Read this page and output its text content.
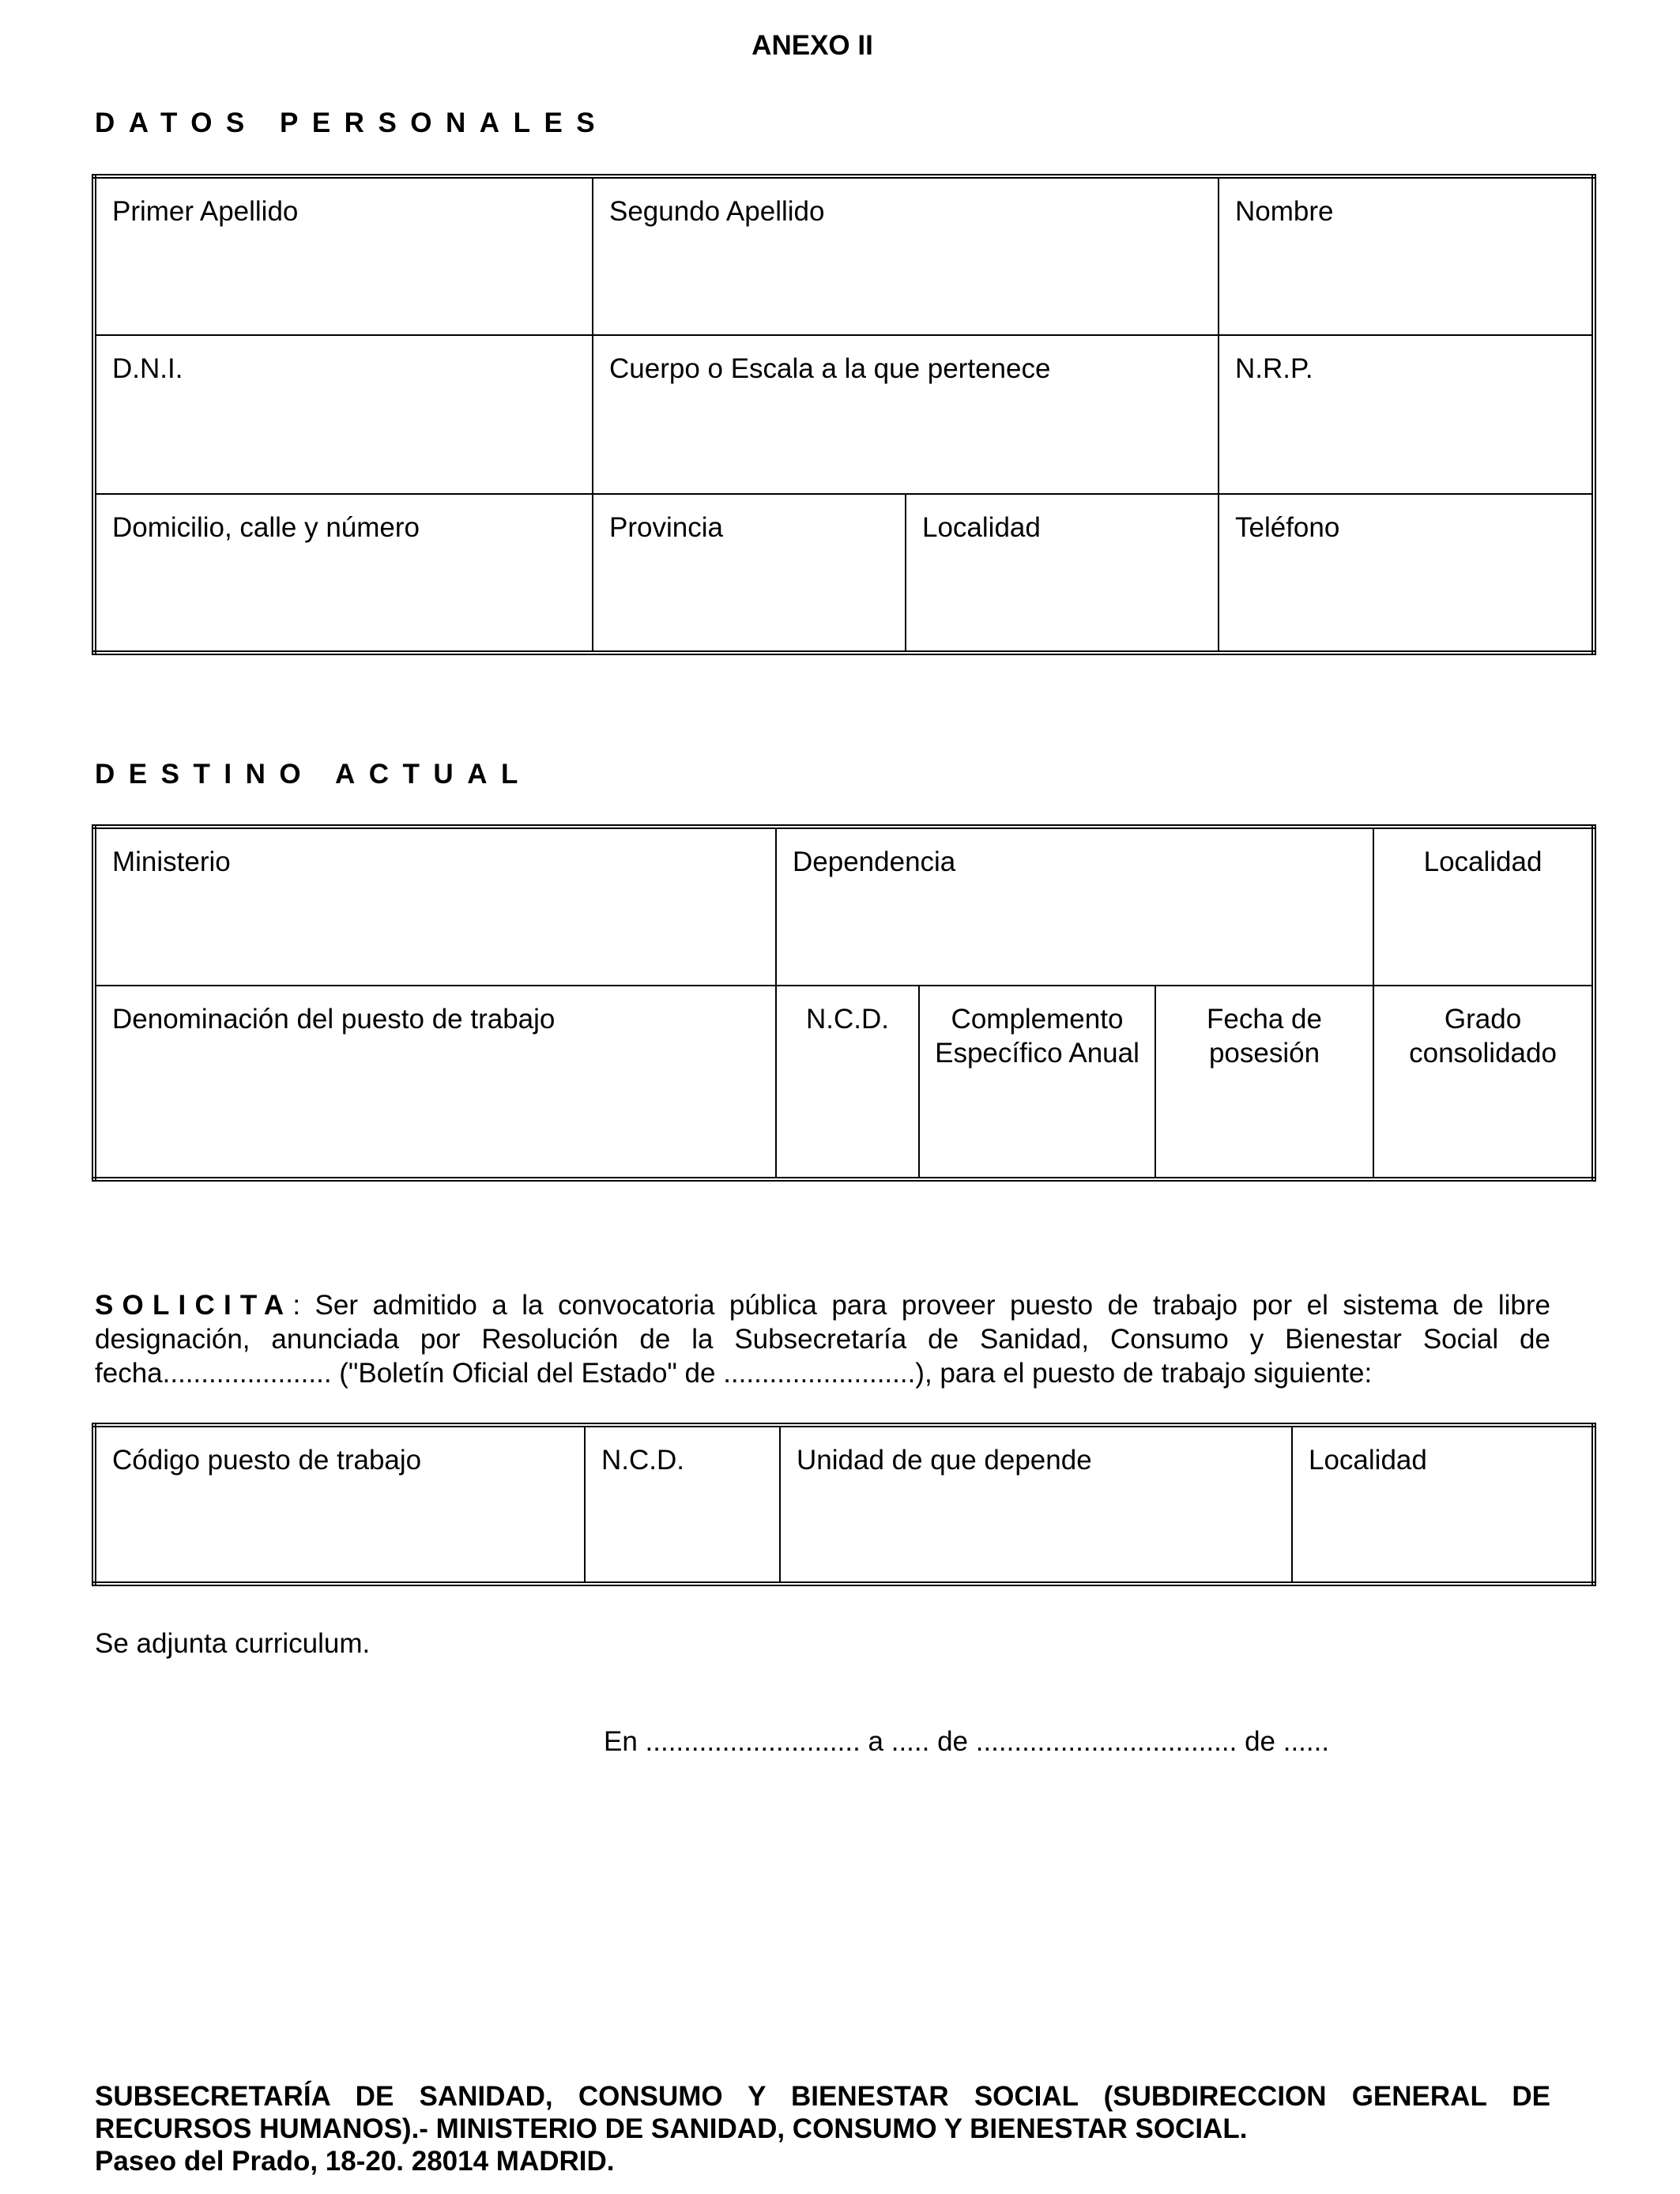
ANEXO II
DATOS PERSONALES
Primer Apellido	Segundo Apellido		Nombre
D.N.I.	Cuerpo o Escala a la que pertenece		N.R.P.
Domicilio, calle y número	Provincia	Localidad	Teléfono
DESTINO ACTUAL
Ministerio	Dependencia			Localidad
Denominación del puesto de trabajo	N.C.D.	Complemento Específico Anual	Fecha de posesión	Grado consolidado
SOLICITA: Ser admitido a la convocatoria pública para proveer puesto de trabajo por el sistema de libre designación, anunciada por Resolución de la Subsecretaría de Sanidad, Consumo y Bienestar Social de fecha...................... ("Boletín Oficial del Estado" de .........................), para el puesto de trabajo siguiente:
Código puesto de trabajo	N.C.D.	Unidad de que depende	Localidad
Se adjunta curriculum.
En ............................ a ..... de .................................. de ......
SUBSECRETARÍA DE SANIDAD, CONSUMO Y BIENESTAR SOCIAL (SUBDIRECCION GENERAL DE RECURSOS HUMANOS).- MINISTERIO DE SANIDAD, CONSUMO Y BIENESTAR SOCIAL.
Paseo del Prado, 18-20. 28014 MADRID.
